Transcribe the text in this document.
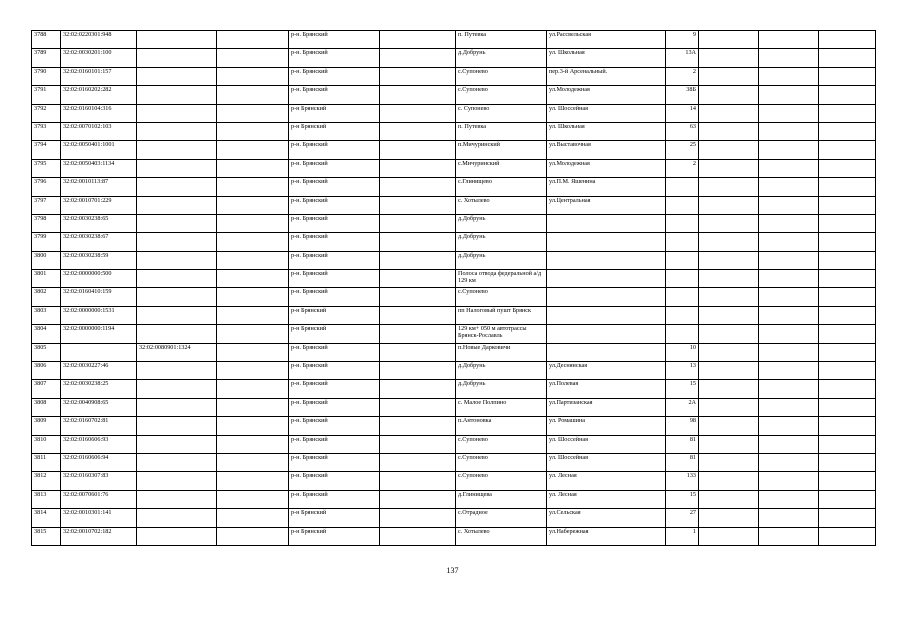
3788	32:02:0220301:948			р-н. Брянский		п. Путевка	ул.Рассвельская	9			
3789	32:02:0030201:100			р-н. Брянский		д.Добрунь	ул. Школьная	13А			
3790	32:02:0160101:157			р-н. Брянский		с.Супонево	пер.3-й Арсенальный.	2			
3791	32:02:0160202:282			р-н. Брянский		с.Супонево	ул.Молодежная	38Б			
3792	32:02:0160104:316			р-н Брянский		с. Супонево	ул. Шоссейная	14			
3793	32:02:0070102:103			р-н Брянский		п. Путевка	ул. Школьная	63			
3794	32:02:0050401:1001			р-н. Брянский		п.Мичуринский	ул.Выставочная	25			
3795	32:02:0050403:1134			р-н. Брянский		с.Мичуринский	ул.Молодежная	2			
3796	32:02:0010113:87			р-н. Брянский		с.Глинищево	ул.П.М. Яшенина				
3797	32:02:0010701:229			р-н. Брянский		с. Хотылево	ул.Центральная				
3798	32:02:0030238:65			р-н. Брянский		д.Добрунь					
3799	32:02:0030238:67			р-н. Брянский		д.Добрунь					
3800	32:02:0030238:59			р-н. Брянский		д.Добрунь					
3801	32:02:0000000:500			р-н. Брянский		Полоса отвода федеральной а/д 129 км					
3802	32:02:0160410:159			р-н. Брянский		с.Супонево					
3803	32:02:0000000:1531			р-н Брянский		пп Налоговый пушт Брянск					
3804	32:02:0000000:1194			р-н Брянский		129 км+ 050 м автотрассы Брянск-Рославль					
3805		32:02:0080901:1324		р-н. Брянский		п.Новые Дарковичи		10			
3806	32:02:0030227:46			р-н. Брянский		д.Добрунь	ул.Деснянская	13			
3807	32:02:0030238:25			р-н. Брянский		д.Добрунь	ул.Полевая	15			
3808	32:02:0040908:65			р-н. Брянский		с. Малое Полпино	ул.Партизанская	2А			
3809	32:02:0160702:81			р-н. Брянский		п.Антоновка	ул. Ромашина	98			
3810	32:02:0160606:93			р-н. Брянский		с.Супонево	ул. Шоссейная	81			
3811	32:02:0160606:94			р-н. Брянский		с.Супонево	ул. Шоссейная	81			
3812	32:02:0160307:83			р-н. Брянский		с.Супонево	ул. Лесная	133			
3813	32:02:0070601:76			р-н. Брянский		д.Глинищева	ул. Лесная	15			
3814	32:02:0010301:141			р-н Брянский		с.Отрадное	ул.Сельская	27			
3815	32:02:0010702:182			р-н Брянский		с. Хотылево	ул.Набережная	1			
137
